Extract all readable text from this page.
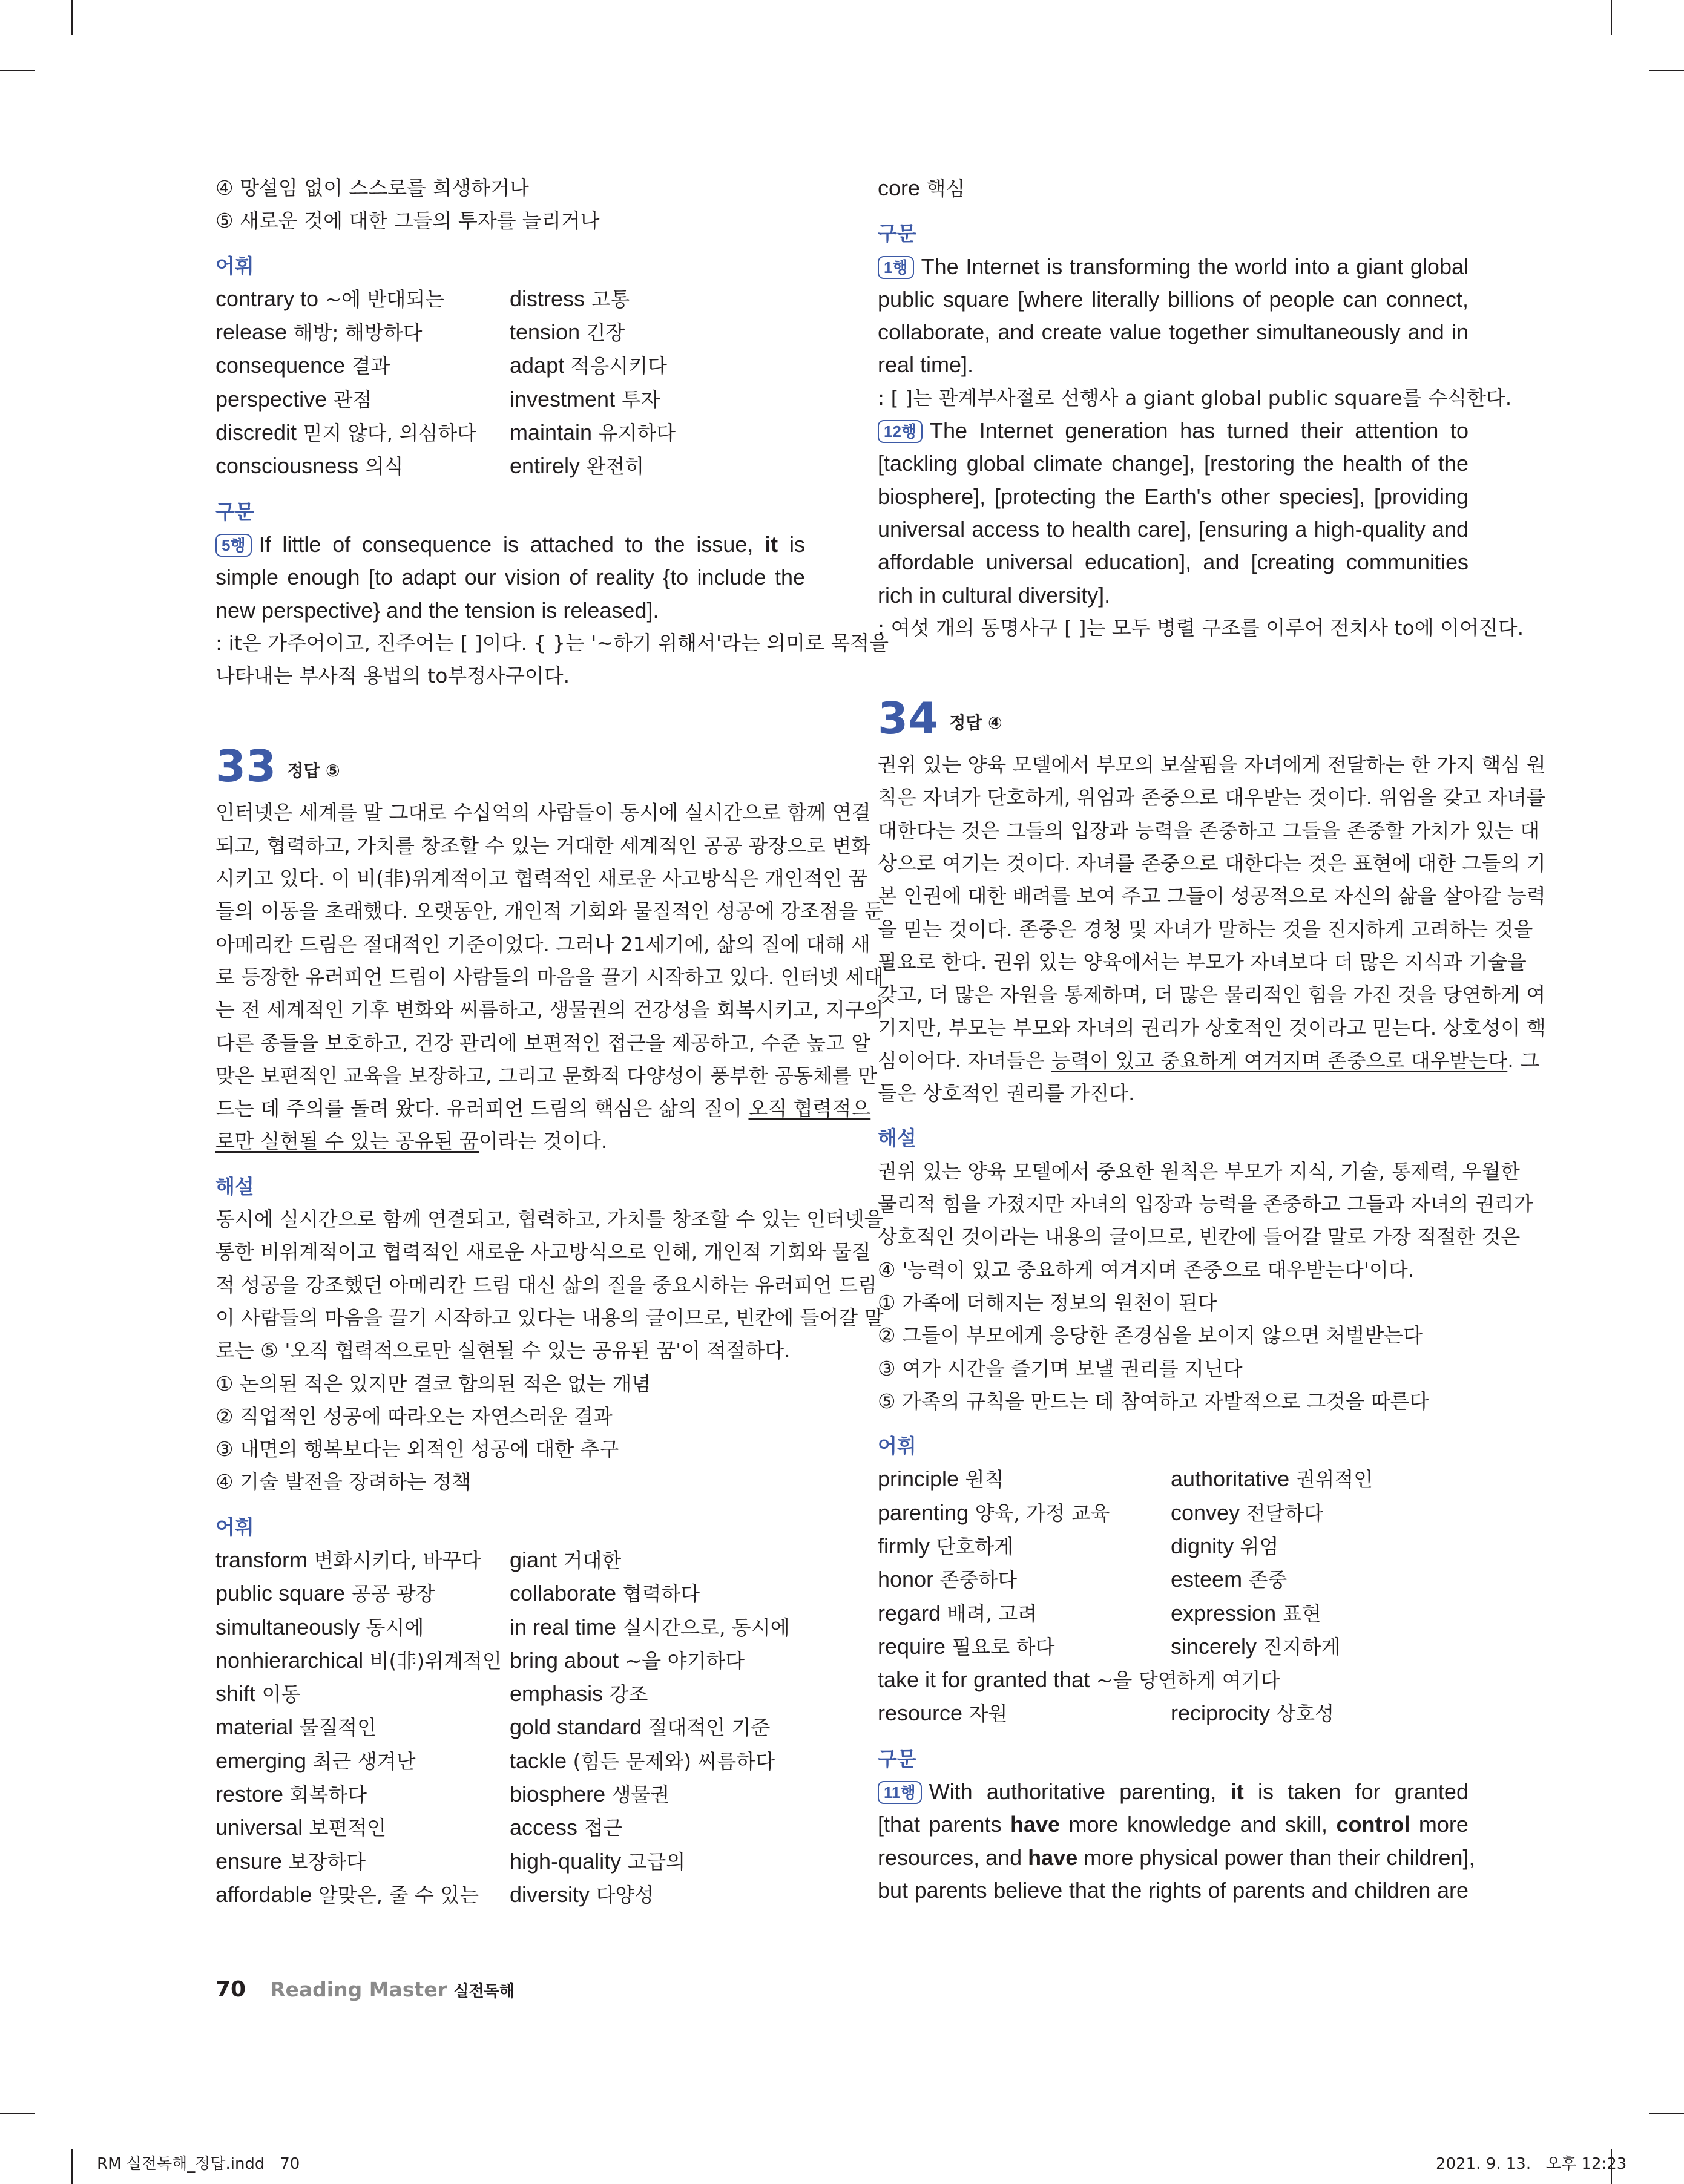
④ 망설임 없이 스스로를 희생하거나
⑤ 새로운 것에 대한 그들의 투자를 늘리거나
어휘
contrary to ~에 반대되는	distress 고통
release 해방; 해방하다	tension 긴장
consequence 결과	adapt 적응시키다
perspective 관점	investment 투자
discredit 믿지 않다, 의심하다	maintain 유지하다
consciousness 의식	entirely 완전히
구문
5행 If little of consequence is attached to the issue, it is
simple enough [to adapt our vision of reality {to include the
new perspective} and the tension is released].
: it은 가주어이고, 진주어는 [ ]이다. { }는 '~하기 위해서'라는 의미로 목적을
나타내는 부사적 용법의 to부정사구이다.
33 정답 ⑤
인터넷은 세계를 말 그대로 수십억의 사람들이 동시에 실시간으로 함께 연결
되고, 협력하고, 가치를 창조할 수 있는 거대한 세계적인 공공 광장으로 변화
시키고 있다. 이 비(非)위계적이고 협력적인 새로운 사고방식은 개인적인 꿈
들의 이동을 초래했다. 오랫동안, 개인적 기회와 물질적인 성공에 강조점을 둔
아메리칸 드림은 절대적인 기준이었다. 그러나 21세기에, 삶의 질에 대해 새
로 등장한 유러피언 드림이 사람들의 마음을 끌기 시작하고 있다. 인터넷 세대
는 전 세계적인 기후 변화와 씨름하고, 생물권의 건강성을 회복시키고, 지구의
다른 종들을 보호하고, 건강 관리에 보편적인 접근을 제공하고, 수준 높고 알
맞은 보편적인 교육을 보장하고, 그리고 문화적 다양성이 풍부한 공동체를 만
드는 데 주의를 돌려 왔다. 유러피언 드림의 핵심은 삶의 질이 오직 협력적으
로만 실현될 수 있는 공유된 꿈이라는 것이다.
해설
동시에 실시간으로 함께 연결되고, 협력하고, 가치를 창조할 수 있는 인터넷을
통한 비위계적이고 협력적인 새로운 사고방식으로 인해, 개인적 기회와 물질
적 성공을 강조했던 아메리칸 드림 대신 삶의 질을 중요시하는 유러피언 드림
이 사람들의 마음을 끌기 시작하고 있다는 내용의 글이므로, 빈칸에 들어갈 말
로는 ⑤ '오직 협력적으로만 실현될 수 있는 공유된 꿈'이 적절하다.
① 논의된 적은 있지만 결코 합의된 적은 없는 개념
② 직업적인 성공에 따라오는 자연스러운 결과
③ 내면의 행복보다는 외적인 성공에 대한 추구
④ 기술 발전을 장려하는 정책
어휘
transform 변화시키다, 바꾸다	giant 거대한
public square 공공 광장	collaborate 협력하다
simultaneously 동시에	in real time 실시간으로, 동시에
nonhierarchical 비(非)위계적인 bring about ~을 야기하다
shift 이동	emphasis 강조
material 물질적인	gold standard 절대적인 기준
emerging 최근 생겨난	tackle (힘든 문제와) 씨름하다
restore 회복하다	biosphere 생물권
universal 보편적인	access 접근
ensure 보장하다	high-quality 고급의
affordable 알맞은, 줄 수 있는	diversity 다양성
core 핵심
구문
1행 The Internet is transforming the world into a giant global
public square [where literally billions of people can connect,
collaborate, and create value together simultaneously and in
real time].
: [ ]는 관계부사절로 선행사 a giant global public square를 수식한다.
12행 The Internet generation has turned their attention to
[tackling global climate change], [restoring the health of the
biosphere], [protecting the Earth's other species], [providing
universal access to health care], [ensuring a high-quality and
affordable universal education], and [creating communities
rich in cultural diversity].
: 여섯 개의 동명사구 [ ]는 모두 병렬 구조를 이루어 전치사 to에 이어진다.
34 정답 ④
권위 있는 양육 모델에서 부모의 보살핌을 자녀에게 전달하는 한 가지 핵심 원
칙은 자녀가 단호하게, 위엄과 존중으로 대우받는 것이다. 위엄을 갖고 자녀를
대한다는 것은 그들의 입장과 능력을 존중하고 그들을 존중할 가치가 있는 대
상으로 여기는 것이다. 자녀를 존중으로 대한다는 것은 표현에 대한 그들의 기
본 인권에 대한 배려를 보여 주고 그들이 성공적으로 자신의 삶을 살아갈 능력
을 믿는 것이다. 존중은 경청 및 자녀가 말하는 것을 진지하게 고려하는 것을
필요로 한다. 권위 있는 양육에서는 부모가 자녀보다 더 많은 지식과 기술을
갖고, 더 많은 자원을 통제하며, 더 많은 물리적인 힘을 가진 것을 당연하게 여
기지만, 부모는 부모와 자녀의 권리가 상호적인 것이라고 믿는다. 상호성이 핵
심이어다. 자녀들은 능력이 있고 중요하게 여겨지며 존중으로 대우받는다. 그
들은 상호적인 권리를 가진다.
해설
권위 있는 양육 모델에서 중요한 원칙은 부모가 지식, 기술, 통제력, 우월한
물리적 힘을 가졌지만 자녀의 입장과 능력을 존중하고 그들과 자녀의 권리가
상호적인 것이라는 내용의 글이므로, 빈칸에 들어갈 말로 가장 적절한 것은
④ '능력이 있고 중요하게 여겨지며 존중으로 대우받는다'이다.
① 가족에 더해지는 정보의 원천이 된다
② 그들이 부모에게 응당한 존경심을 보이지 않으면 처벌받는다
③ 여가 시간을 즐기며 보낼 권리를 지닌다
⑤ 가족의 규칙을 만드는 데 참여하고 자발적으로 그것을 따른다
어휘
principle 원칙	authoritative 권위적인
parenting 양육, 가정 교육	convey 전달하다
firmly 단호하게	dignity 위엄
honor 존중하다	esteem 존중
regard 배려, 고려	expression 표현
require 필요로 하다	sincerely 진지하게
take it for granted that ~을 당연하게 여기다
resource 자원	reciprocity 상호성
구문
11행 With authoritative parenting, it is taken for granted
[that parents have more knowledge and skill, control more
resources, and have more physical power than their children],
but parents believe that the rights of parents and children are
70 Reading Master 실전독해
RM 실전독해_정답.indd   70	2021. 9. 13.   오후 12:23
